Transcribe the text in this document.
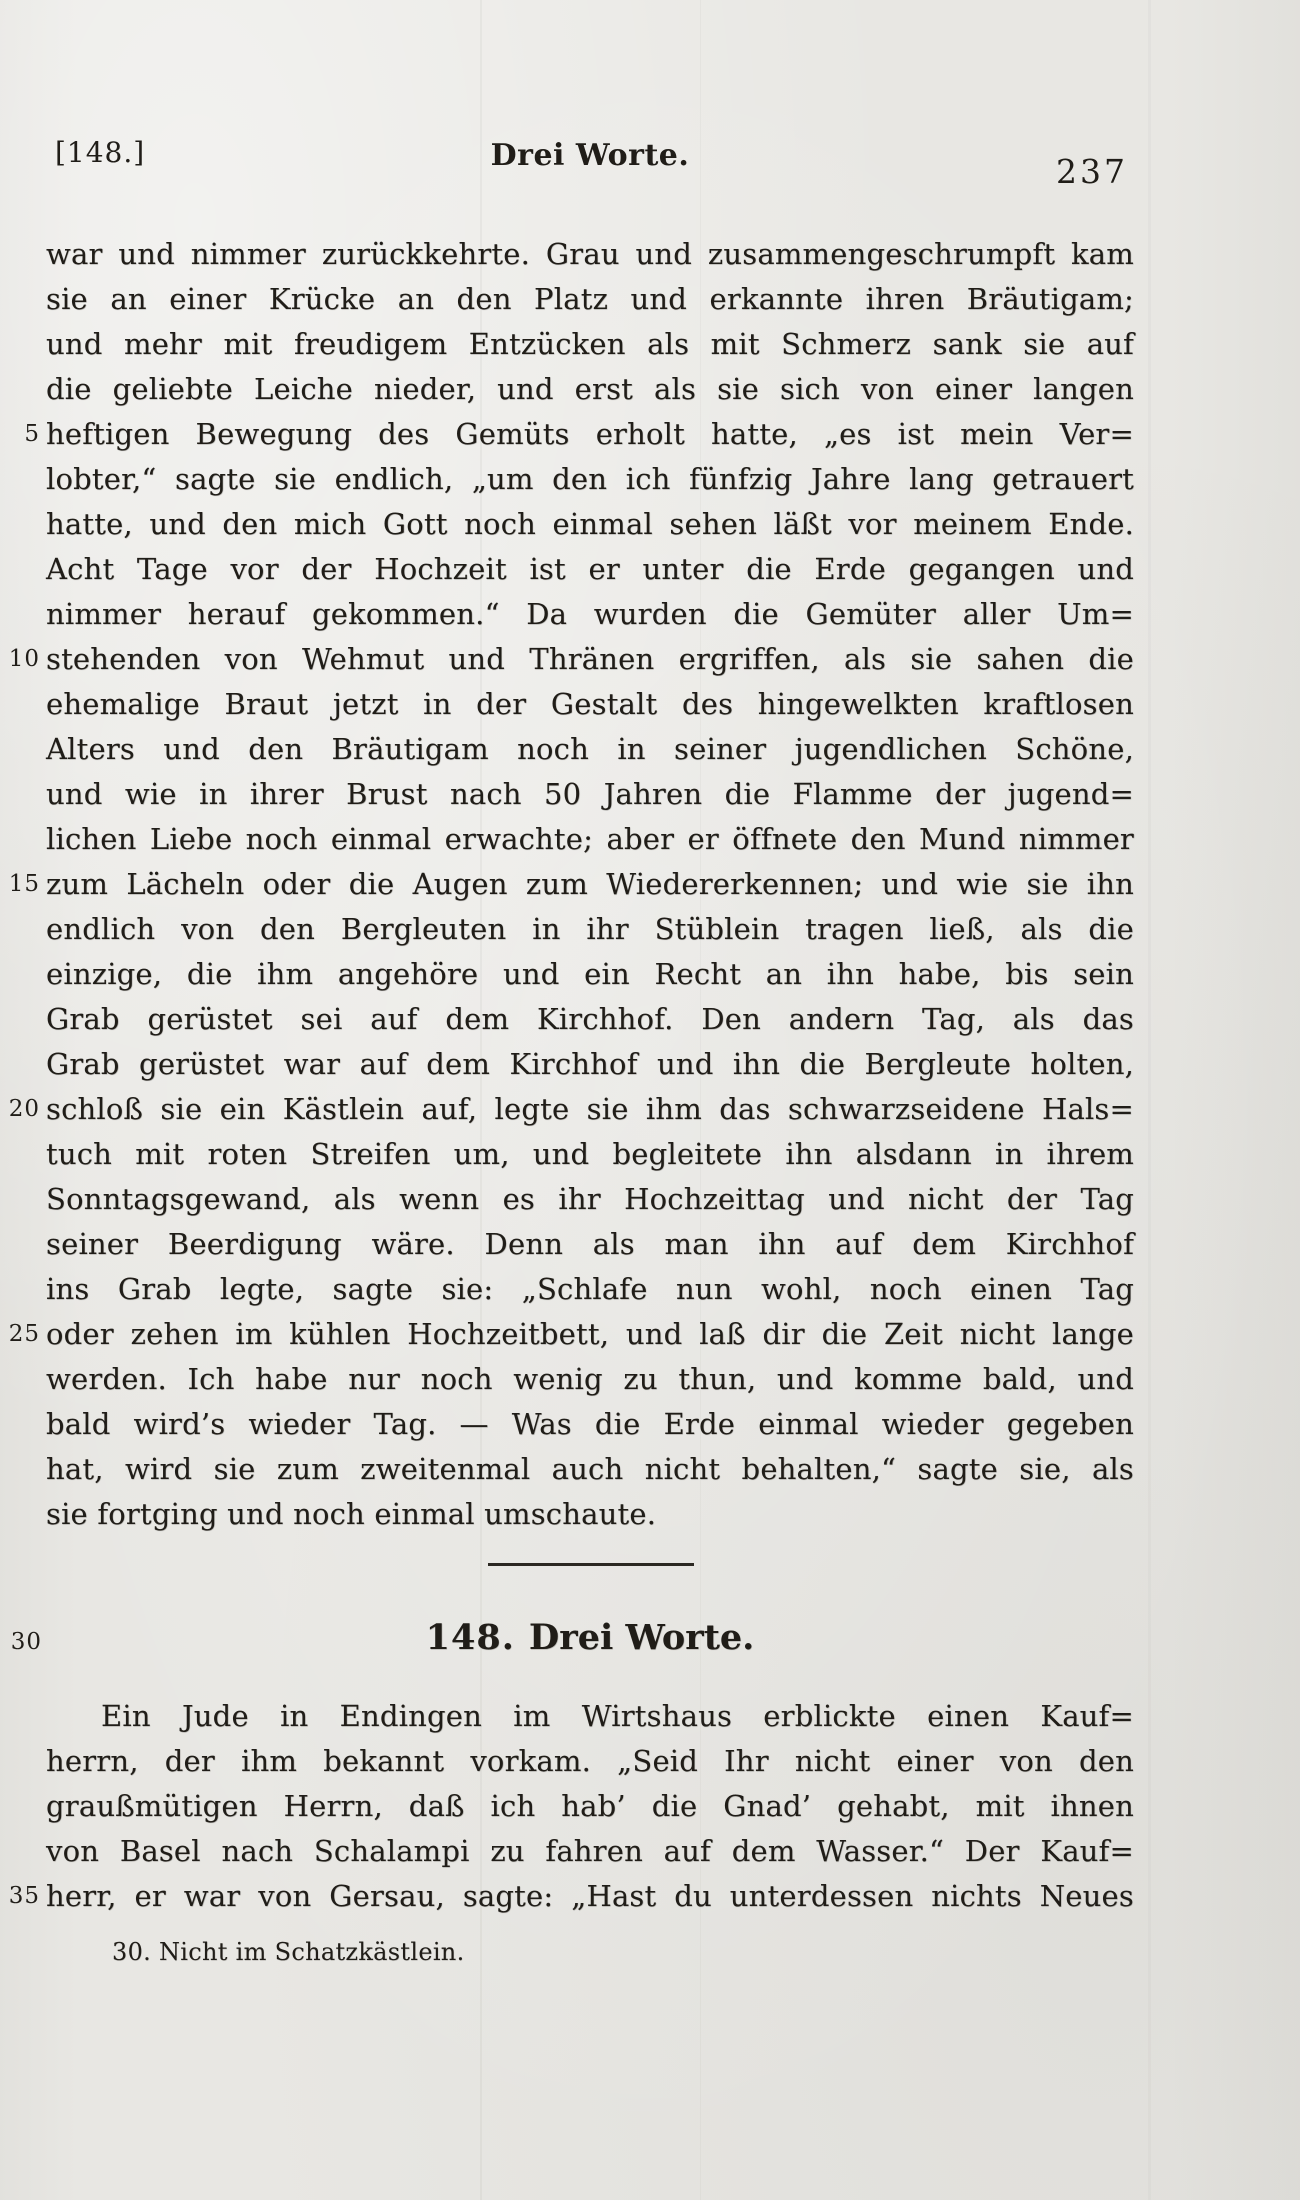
[148.]	Drei Worte.	237
war und nimmer zurückkehrte. Grau und zusammengeschrumpft kam
sie an einer Krücke an den Platz und erkannte ihren Bräutigam;
und mehr mit freudigem Entzücken als mit Schmerz sank sie auf
die geliebte Leiche nieder, und erst als sie sich von einer langen
5 heftigen Bewegung des Gemüts erholt hatte, „es ist mein Ver=
lobter,“ sagte sie endlich, „um den ich fünfzig Jahre lang getrauert
hatte, und den mich Gott noch einmal sehen läßt vor meinem Ende.
Acht Tage vor der Hochzeit ist er unter die Erde gegangen und
nimmer herauf gekommen.“ Da wurden die Gemüter aller Um=
10 stehenden von Wehmut und Thränen ergriffen, als sie sahen die
ehemalige Braut jetzt in der Gestalt des hingewelkten kraftlosen
Alters und den Bräutigam noch in seiner jugendlichen Schöne,
und wie in ihrer Brust nach 50 Jahren die Flamme der jugend=
lichen Liebe noch einmal erwachte; aber er öffnete den Mund nimmer
15 zum Lächeln oder die Augen zum Wiedererkennen; und wie sie ihn
endlich von den Bergleuten in ihr Stüblein tragen ließ, als die
einzige, die ihm angehöre und ein Recht an ihn habe, bis sein
Grab gerüstet sei auf dem Kirchhof. Den andern Tag, als das
Grab gerüstet war auf dem Kirchhof und ihn die Bergleute holten,
20 schloß sie ein Kästlein auf, legte sie ihm das schwarzseidene Hals=
tuch mit roten Streifen um, und begleitete ihn alsdann in ihrem
Sonntagsgewand, als wenn es ihr Hochzeittag und nicht der Tag
seiner Beerdigung wäre. Denn als man ihn auf dem Kirchhof
ins Grab legte, sagte sie: „Schlafe nun wohl, noch einen Tag
25 oder zehen im kühlen Hochzeitbett, und laß dir die Zeit nicht lange
werden. Ich habe nur noch wenig zu thun, und komme bald, und
bald wird’s wieder Tag. — Was die Erde einmal wieder gegeben
hat, wird sie zum zweitenmal auch nicht behalten,“ sagte sie, als
sie fortging und noch einmal umschaute.
30	148. Drei Worte.
Ein Jude in Endingen im Wirtshaus erblickte einen Kauf=
herrn, der ihm bekannt vorkam. „Seid Ihr nicht einer von den
graußmütigen Herrn, daß ich hab’ die Gnad’ gehabt, mit ihnen
von Basel nach Schalampi zu fahren auf dem Wasser.“ Der Kauf=
35 herr, er war von Gersau, sagte: „Hast du unterdessen nichts Neues
30. Nicht im Schatzkästlein.
